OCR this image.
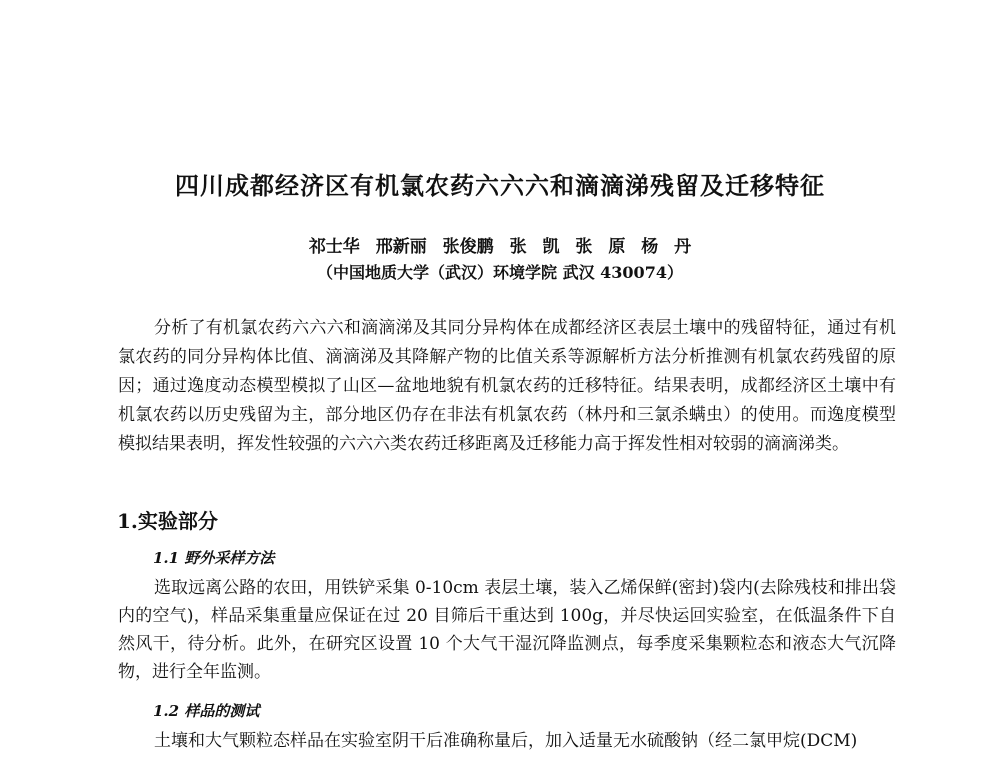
四川成都经济区有机氯农药六六六和滴滴涕残留及迁移特征
祁士华 邢新丽 张俊鹏 张 凯 张 原 杨 丹
（中国地质大学（武汉）环境学院 武汉 430074）

分析了有机氯农药六六六和滴滴涕及其同分异构体在成都经济区表层土壤中的残留特征，通过有机氯农药的同分异构体比值、滴滴涕及其降解产物的比值关系等源解析方法分析推测有机氯农药残留的原因；通过逸度动态模型模拟了山区—盆地地貌有机氯农药的迁移特征。结果表明，成都经济区土壤中有机氯农药以历史残留为主，部分地区仍存在非法有机氯农药（林丹和三氯杀螨虫）的使用。而逸度模型模拟结果表明，挥发性较强的六六六类农药迁移距离及迁移能力高于挥发性相对较弱的滴滴涕类。

1.实验部分
1.1 野外采样方法

选取远离公路的农田，用铁铲采集 0-10cm 表层土壤，装入乙烯保鲜(密封)袋内(去除残枝和排出袋内的空气)，样品采集重量应保证在过 20 目筛后干重达到 100g，并尽快运回实验室，在低温条件下自然风干，待分析。此外，在研究区设置 10 个大气干湿沉降监测点，每季度采集颗粒态和液态大气沉降物，进行全年监测。

1.2 样品的测试

土壤和大气颗粒态样品在实验室阴干后准确称量后，加入适量无水硫酸钠（经二氯甲烷(DCM)
